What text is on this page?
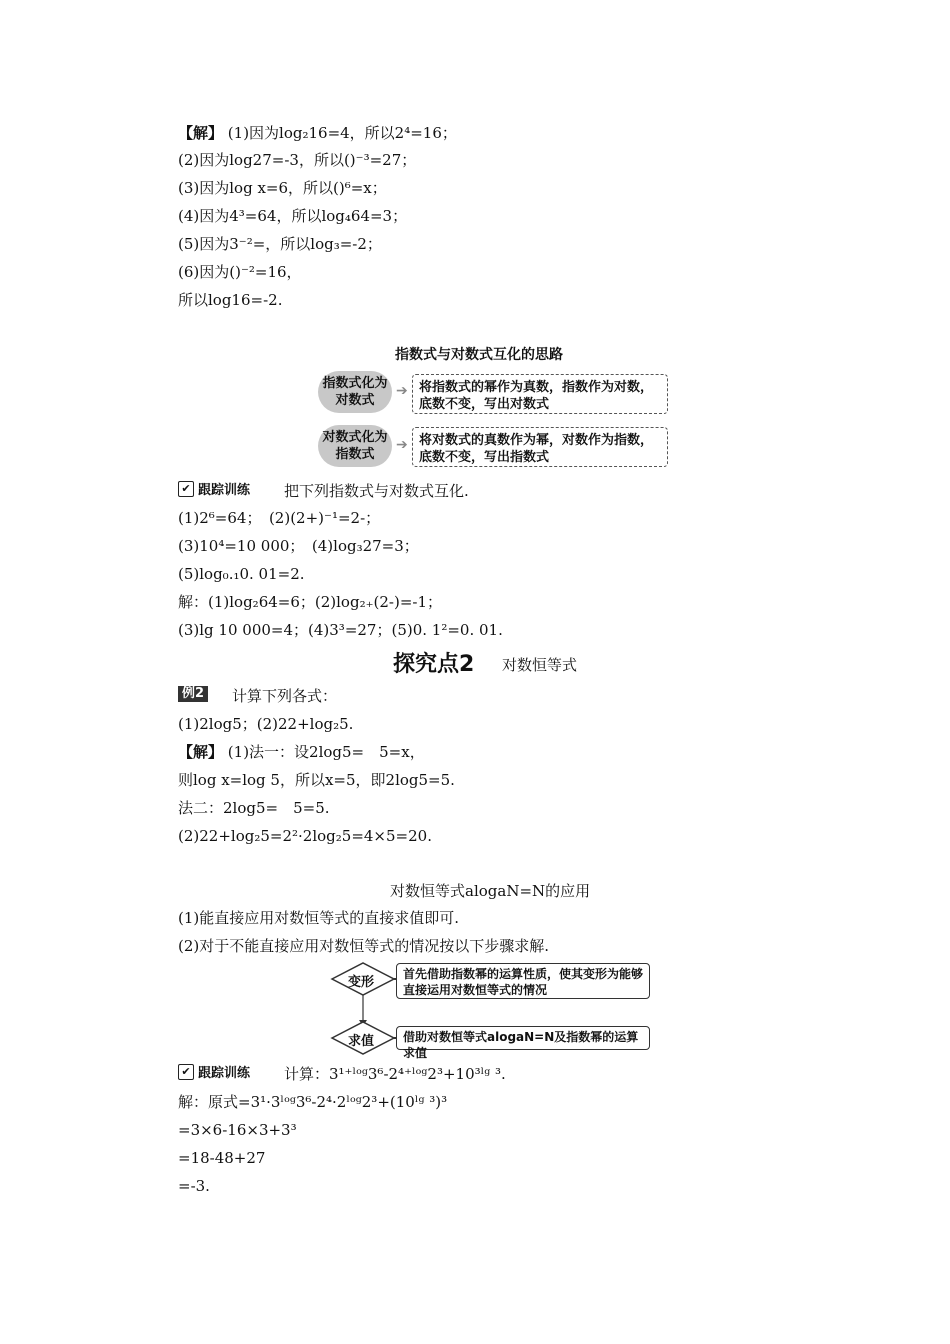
【解】 (1)因为log₂16=4，所以2⁴=16；
(2)因为log27=-3，所以()⁻³=27；
(3)因为log x=6，所以()⁶=x；
(4)因为4³=64，所以log₄64=3；
(5)因为3⁻²=，所以log₃=-2；
(6)因为()⁻²=16，
所以log16=-2.
指数式与对数式互化的思路
指数式化为对数式
➔ 将指数式的幂作为真数，指数作为对数，底数不变，写出对数式
对数式化为指数式
➔ 将对数式的真数作为幂，对数作为指数，底数不变，写出指数式
✔ 跟踪训练 把下列指数式与对数式互化.
(1)2⁶=64；　(2)(2+)⁻¹=2-；
(3)10⁴=10 000；　(4)log₃27=3；
(5)log₀.₁0. 01=2.
解：(1)log₂64=6；(2)log₂₊(2-)=-1；
(3)lg 10 000=4；(4)3³=27；(5)0. 1²=0. 01.
探究点2 对数恒等式
例2 计算下列各式：
(1)2log5；(2)22+log₂5.
【解】 (1)法一：设2log5=　5=x，
则log x=log 5，所以x=5，即2log5=5.
法二：2log5=　5=5.
(2)22+log₂5=2²·2log₂5=4×5=20.
对数恒等式alogaN=N的应用
(1)能直接应用对数恒等式的直接求值即可.
(2)对于不能直接应用对数恒等式的情况按以下步骤求解.
变形
求值
首先借助指数幂的运算性质，使其变形为能够直接运用对数恒等式的情况
借助对数恒等式alogaN=N及指数幂的运算求值
✔ 跟踪训练 计算：3¹⁺ˡᵒᵍ3⁶-2⁴⁺ˡᵒᵍ2³+10³ˡᵍ ³.
解：原式=3¹·3ˡᵒᵍ3⁶-2⁴·2ˡᵒᵍ2³+(10ˡᵍ ³)³
=3×6-16×3+3³
=18-48+27
=-3.
